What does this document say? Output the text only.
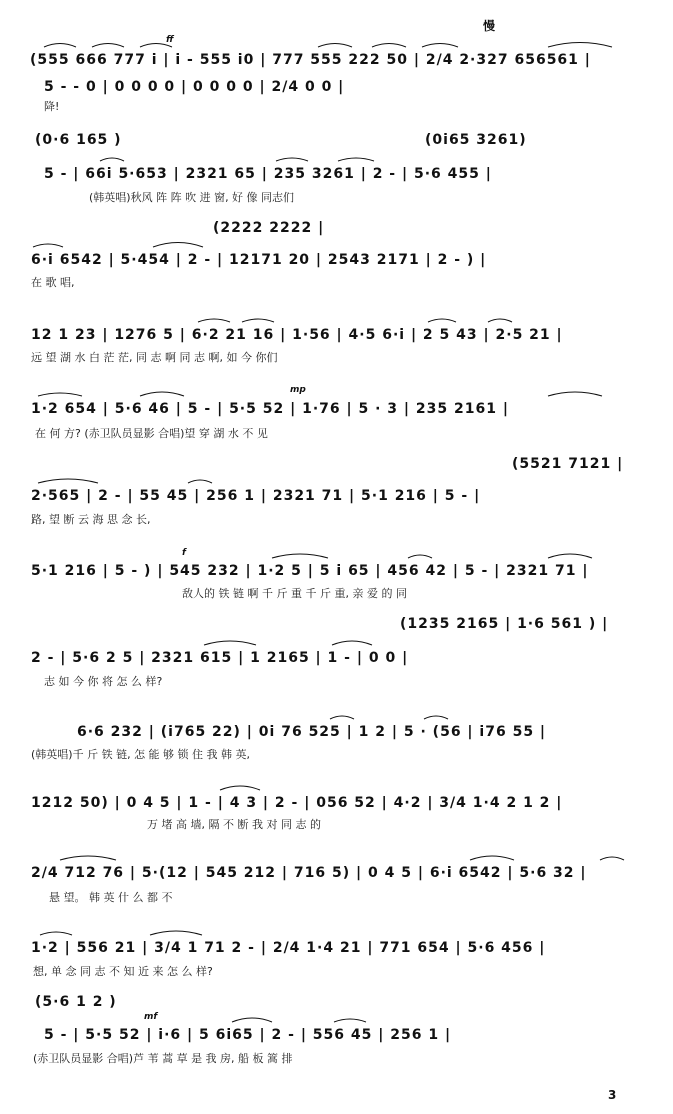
慢
ff
(555 666 777 i | i - 555 i0 | 777 555 222 50 | 2/4 2·327 656561 |
5 - - 0 | 0 0 0 0 | 0 0 0 0 | 2/4 0 0 |
降!
(0·6 165 )	(0i65 3261)
5 - | 66i 5·653 | 2321 65 | 235 3261 | 2 - | 5·6 455 |
(韩英唱)秋风 阵 阵 吹 进 窗, 好 像 同志们
(2222 2222 |
6·i 6542 | 5·454 | 2 - | 12171 20 | 2543 2171 | 2 - ) |
在 歌 唱,
12 1 23 | 1276 5 | 6·2 21 16 | 1·56 | 4·5 6·i | 2 5 43 | 2·5 21 |
远 望 湖 水 白 茫 茫, 同 志 啊 同 志 啊, 如 今 你们
mp
1·2 654 | 5·6 46 | 5 - | 5·5 52 | 1·76 | 5 · 3 | 235 2161 |
在 何 方? (赤卫队员显影 合唱)望 穿 湖 水 不 见
(5521 7121 |
2·565 | 2 - | 55 45 | 256 1 | 2321 71 | 5·1 216 | 5 - |
路, 望 断 云 海 思 念 长,
f
5·1 216 | 5 - ) | 545 232 | 1·2 5 | 5 i 65 | 456 42 | 5 - | 2321 71 |
敌人的 铁 链 啊 千 斤 重 千 斤 重, 亲 爱 的 同
(1235 2165 | 1·6 561 ) |
2 - | 5·6 2 5 | 2321 615 | 1 2165 | 1 - | 0 0 |
志 如 今 你 将 怎 么 样?
6·6 232 | (i765 22) | 0i 76 525 | 1 2 | 5 · (56 | i76 55 |
(韩英唱)千 斤 铁 链, 怎 能 够 锁 住 我 韩 英,
1212 50) | 0 4 5 | 1 - | 4 3 | 2 - | 056 52 | 4·2 | 3/4 1·4 2 1 2 |
万 堵 高 墙, 隔 不 断 我 对 同 志 的
2/4 712 76 | 5·(12 | 545 212 | 716 5) | 0 4 5 | 6·i 6542 | 5·6 32 |
悬 望。 韩 英 什 么 都 不
1·2 | 556 21 | 3/4 1 71 2 - | 2/4 1·4 21 | 771 654 | 5·6 456 |
想, 单 念 同 志 不 知 近 来 怎 么 样?
(5·6 1 2 )
mf
5 - | 5·5 52 | i·6 | 5 6i65 | 2 - | 556 45 | 256 1 |
(赤卫队员显影 合唱)芦 苇 蒿 草 是 我 房, 船 板 篙 排
3
